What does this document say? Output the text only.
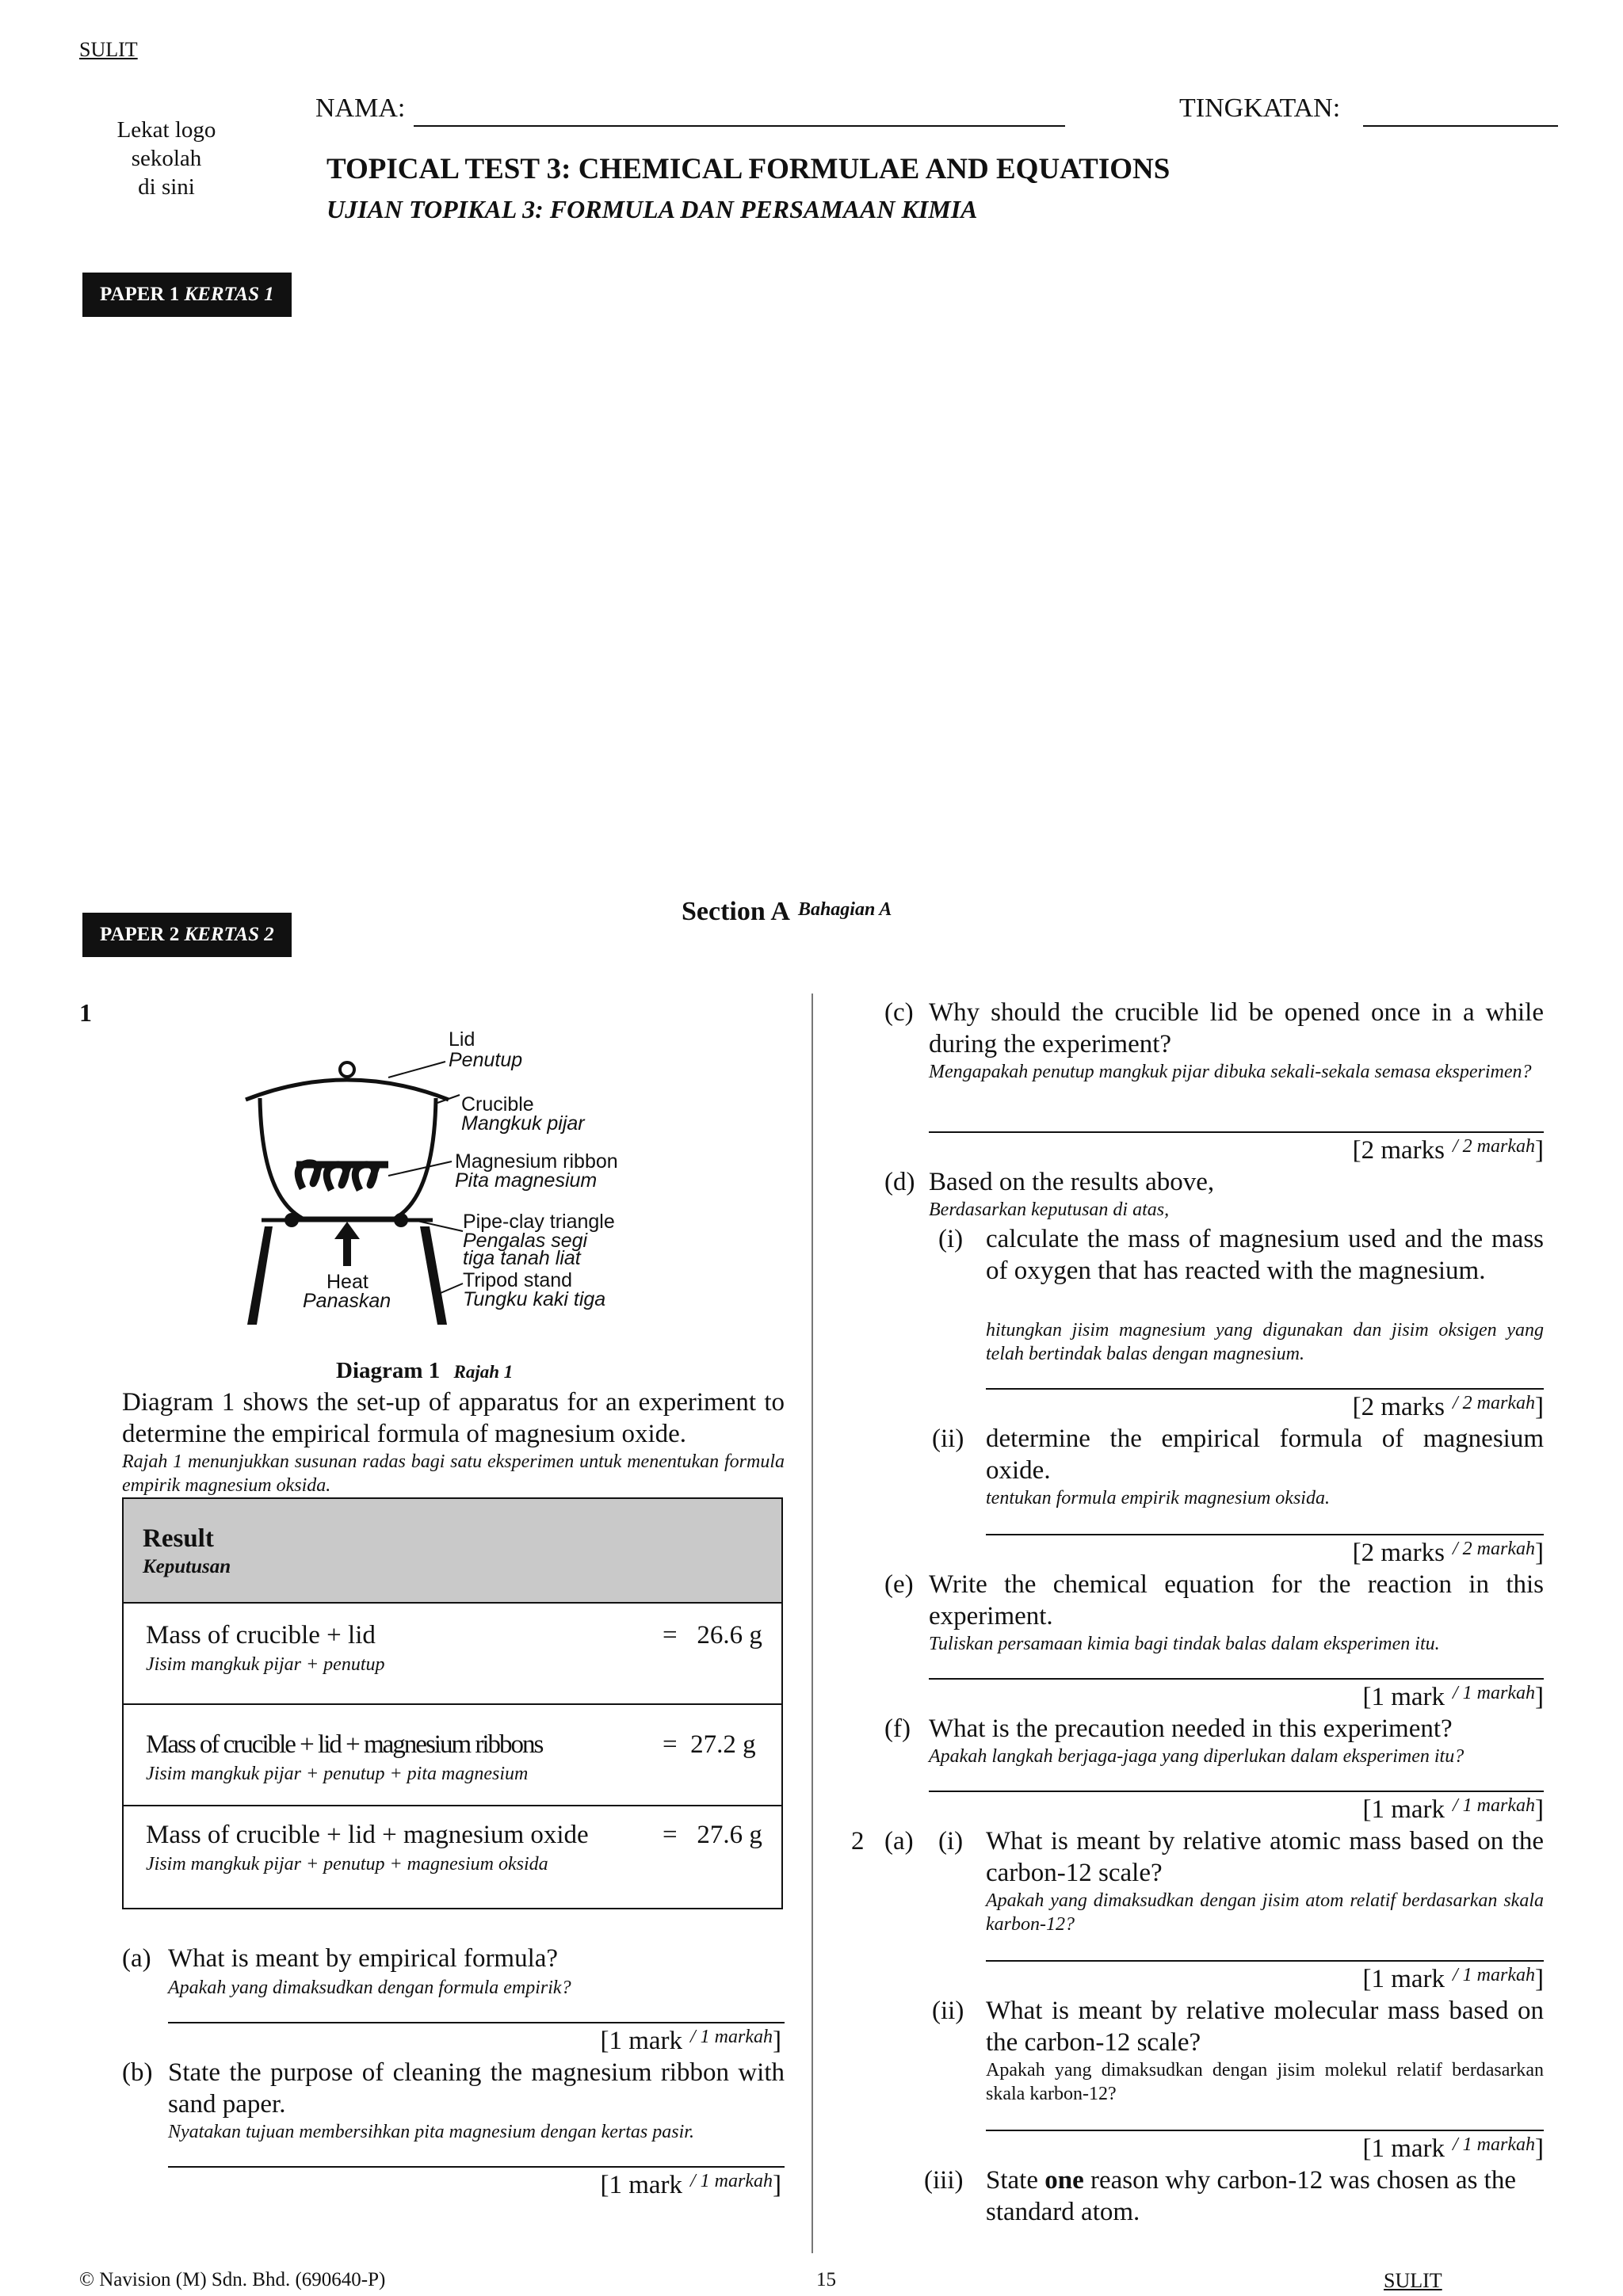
SULIT
Lekat logo
sekolah
di sini
NAMA:	TINGKATAN:
TOPICAL TEST 3: CHEMICAL FORMULAE AND EQUATIONS
UJIAN TOPIKAL 3: FORMULA DAN PERSAMAAN KIMIA
PAPER 1 KERTAS 1
PAPER 2 KERTAS 2
Section A $^{Bahagian A}$
1
Lid
Penutup
Crucible
Mangkuk pijar
Magnesium ribbon
Pita magnesium
Pipe-clay triangle
Pengalas segi
tiga tanah liat
Tripod stand
Tungku kaki tiga
Heat
Panaskan
Diagram 1 Rajah 1
Diagram 1 shows the set-up of apparatus for an experiment to determine the empirical formula of magnesium oxide.
Rajah 1 menunjukkan susunan radas bagi satu eksperimen untuk menentukan formula empirik magnesium oksida.
Result
Keputusan
Mass of crucible + lid
Jisim mangkuk pijar + penutup
=   26.6 g
Mass of crucible + lid + magnesium ribbons
Jisim mangkuk pijar + penutup + pita magnesium
=  27.2 g
Mass of crucible + lid + magnesium oxide
Jisim mangkuk pijar + penutup + magnesium oksida
=   27.6 g
(a) What is meant by empirical formula?
Apakah yang dimaksudkan dengan formula empirik?
[1 mark $^{/ 1 markah}$]
(b) State the purpose of cleaning the magnesium ribbon with sand paper.
Nyatakan tujuan membersihkan pita magnesium dengan kertas pasir.
[1 mark $^{/ 1 markah}$]
(c) Why should the crucible lid be opened once in a while during the experiment?
Mengapakah penutup mangkuk pijar dibuka sekali-sekala semasa eksperimen?
[2 marks $^{/ 2 markah}$]
(d) Based on the results above,
Berdasarkan keputusan di atas,
(i) calculate the mass of magnesium used and the mass of oxygen that has reacted with the magnesium.
hitungkan jisim magnesium yang digunakan dan jisim oksigen yang telah bertindak balas dengan magnesium.
[2 marks $^{/ 2 markah}$]
(ii) determine the empirical formula of magnesium oxide.
tentukan formula empirik magnesium oksida.
[2 marks $^{/ 2 markah}$]
(e) Write the chemical equation for the reaction in this experiment.
Tuliskan persamaan kimia bagi tindak balas dalam eksperimen itu.
[1 mark $^{/ 1 markah}$]
(f) What is the precaution needed in this experiment?
Apakah langkah berjaga-jaga yang diperlukan dalam eksperimen itu?
[1 mark $^{/ 1 markah}$]
2 (a) (i) What is meant by relative atomic mass based on the carbon-12 scale?
Apakah yang dimaksudkan dengan jisim atom relatif berdasarkan skala karbon-12?
[1 mark $^{/ 1 markah}$]
(ii) What is meant by relative molecular mass based on the carbon-12 scale?
Apakah yang dimaksudkan dengan jisim molekul relatif berdasarkan skala karbon-12?
[1 mark $^{/ 1 markah}$]
(iii) State one reason why carbon-12 was chosen as the standard atom.
© Navision (M) Sdn. Bhd. (690640-P)	15	SULIT
